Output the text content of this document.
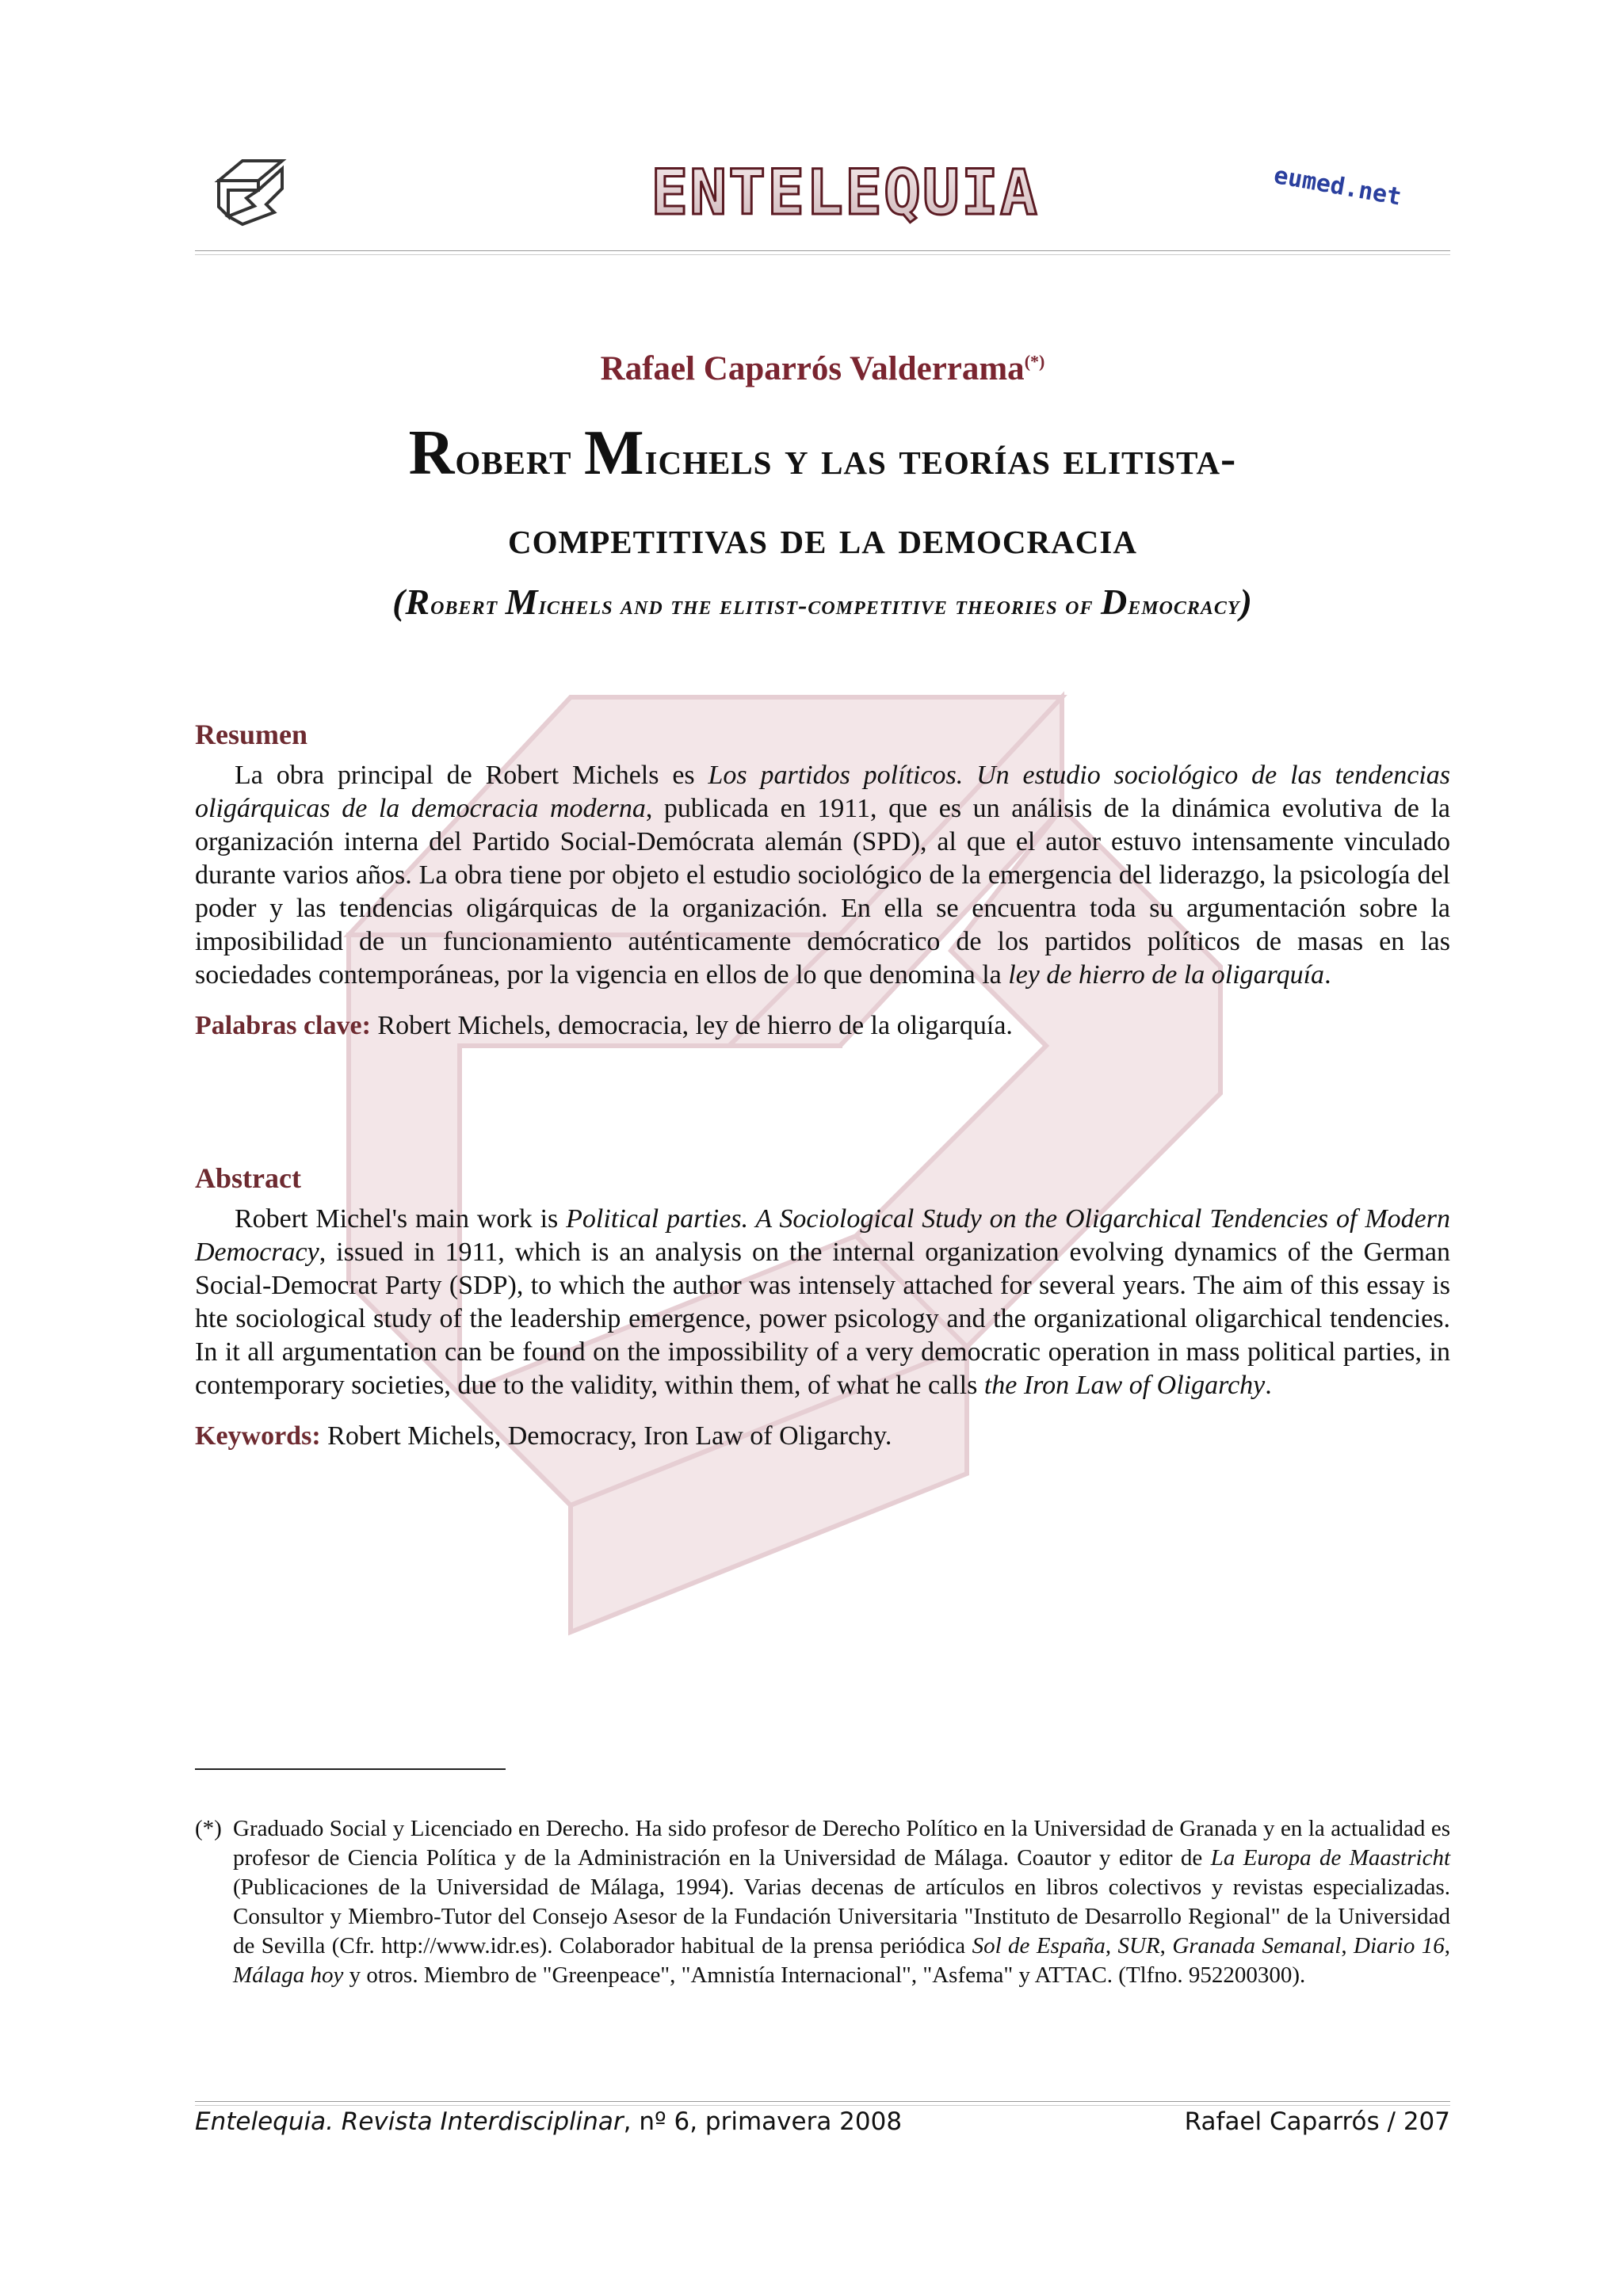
ENTELEQUIA	eumed.net

Rafael Caparrós Valderrama(*)

Robert Michels y las teorías elitista-
competitivas de la democracia
(Robert Michels and the elitist-competitive theories of Democracy)
Resumen

La obra principal de Robert Michels es Los partidos políticos. Un estudio sociológico de las tendencias oligárquicas de la democracia moderna, publicada en 1911, que es un análisis de la dinámica evolutiva de la organización interna del Partido Social-Demócrata alemán (SPD), al que el autor estuvo intensamente vinculado durante varios años. La obra tiene por objeto el estudio sociológico de la emergencia del liderazgo, la psicología del poder y las tendencias oligárquicas de la organización. En ella se encuentra toda su argumentación sobre la imposibilidad de un funcionamiento auténticamente demócratico de los partidos políticos de masas en las sociedades contemporáneas, por la vigencia en ellos de lo que denomina la ley de hierro de la oligarquía.

Palabras clave: Robert Michels, democracia, ley de hierro de la oligarquía.

Abstract

Robert Michel's main work is Political parties. A Sociological Study on the Oligarchical Tendencies of Modern Democracy, issued in 1911, which is an analysis on the internal organization evolving dynamics of the German Social-Democrat Party (SDP), to which the author was intensely attached for several years. The aim of this essay is hte sociological study of the leadership emergence, power psicology and the organizational oligarchical tendencies. In it all argumentation can be found on the impossibility of a very democratic operation in mass political parties, in contemporary societies, due to the validity, within them, of what he calls the Iron Law of Oligarchy.

Keywords: Robert Michels, Democracy, Iron Law of Oligarchy.

(*) Graduado Social y Licenciado en Derecho. Ha sido profesor de Derecho Político en la Universidad de Granada y en la actualidad es profesor de Ciencia Política y de la Administración en la Universidad de Málaga. Coautor y editor de La Europa de Maastricht (Publicaciones de la Universidad de Málaga, 1994). Varias decenas de artículos en libros colectivos y revistas especializadas. Consultor y Miembro-Tutor del Consejo Asesor de la Fundación Universitaria "Instituto de Desarrollo Regional" de la Universidad de Sevilla (Cfr. http://www.idr.es). Colaborador habitual de la prensa periódica Sol de España, SUR, Granada Semanal, Diario 16, Málaga hoy y otros. Miembro de "Greenpeace", "Amnistía Internacional", "Asfema" y ATTAC. (Tlfno. 952200300).
Entelequia. Revista Interdisciplinar, nº 6, primavera 2008	Rafael Caparrós / 207
